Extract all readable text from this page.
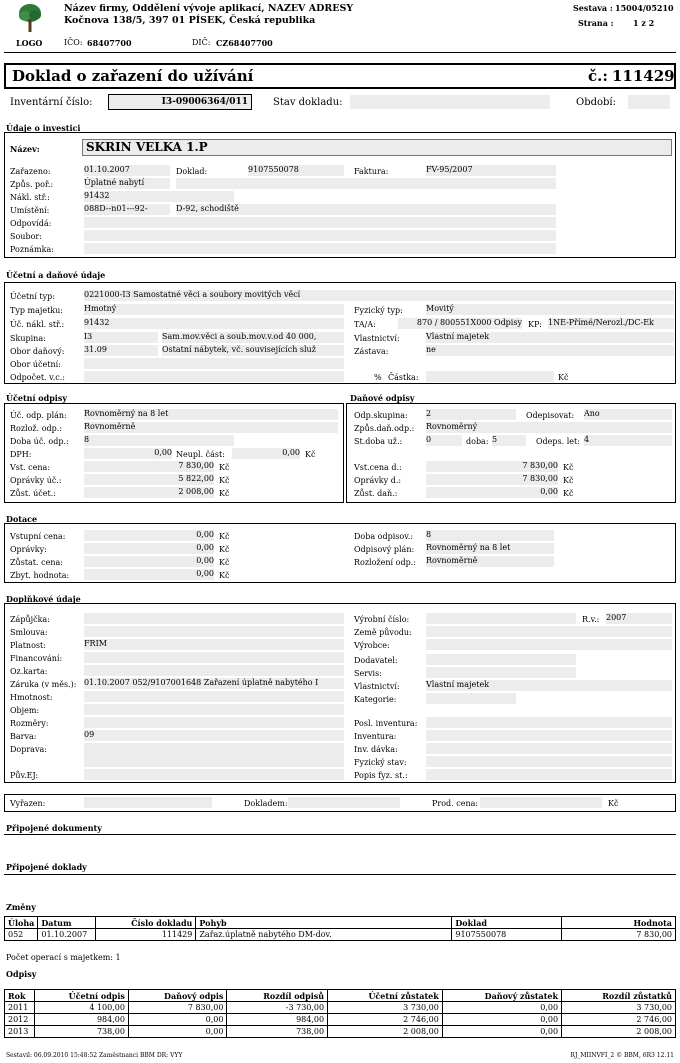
LOGO
Název firmy, Oddělení vývoje aplikací, NAZEV ADRESY
Kočnova 138/5, 397 01 PÍSEK, Česká republika
IČO: 68407700	DIČ: CZ68407700
Sestava : 15004/05210
Strana : 1 z 2
Doklad o zařazení do užívání	č.: 111429
Inventární číslo:	I3-09006364/011	Stav dokladu:	Období:
Údaje o investici
Název:	SKRIN VELKA 1.P
Zařazeno:	01.10.2007	Doklad:	9107550078	Faktura:	FV-95/2007
Způs. poř.:	Úplatné nabytí
Nákl. stř.:	91432
Umístění:	088D--n01---92-	D-92, schodiště
Odpovídá:
Soubor:
Poznámka:
Účetní a daňové údaje
Účetní typ:	0221000-I3 Samostatné věci a soubory movitých věcí
Typ majetku:	Hmotný	Fyzický typ:	Movitý
Úč. nákl. stř.: 91432	TA/A:	870 / 800551X000 Odpisy KP: 1NE-Přímé/Nerozl./DC-Ek
Skupina:	I3	Sam.mov.věci a soub.mov.v.od 40 000,	Vlastnictví:	Vlastní majetek
Obor daňový: 31.09	Ostatní nábytek, vč. souvisejících služ	Zástava:	ne
Obor účetní:
Odpočet. v.c.:	% Částka:	Kč
Účetní odpisy
Úč. odp. plán: Rovnoměrný na 8 let
Rozlož. odp.:	Rovnoměrně
Doba úč. odp.: 8
DPH:	0,00 Neupl. část:	0,00 Kč
Vst. cena:	7 830,00 Kč
Oprávky úč.:	5 822,00 Kč
Zůst. účet.:	2 008,00 Kč
Daňové odpisy
Odp.skupina: 2	Odepisovat: Ano
Způs.daň.odp.: Rovnoměrný
St.doba už.:	0	doba: 5	Odeps. let: 4
Vst.cena d.:	7 830,00 Kč
Oprávky d.:	7 830,00 Kč
Zůst. daň.:	0,00 Kč
Dotace
Vstupní cena:	0,00 Kč
Oprávky:	0,00 Kč
Zůstat. cena:	0,00 Kč
Zbyt. hodnota:	0,00 Kč
Doba odpisov.: 8
Odpisový plán: Rovnoměrný na 8 let
Rozložení odp.: Rovnoměrně
Doplňkové údaje
Zápůjčka:
Smlouva:
Platnost:	FRIM
Financování:
Oz.karta:
Záruka (v měs.): 01.10.2007 052/9107001648 Zařazení úplatně nabytého I
Hmotnost:
Objem:
Rozměry:
Barva:	09
Doprava:
Pův.EJ:
Výrobní číslo:	R.v.: 2007
Země původu:
Výrobce:
Dodavatel:
Servis:
Vlastnictví:	Vlastní majetek
Kategorie:
Posl. inventura:
Inventura:
Inv. dávka:
Fyzický stav:
Popis fyz. st.:
Vyřazen:	Dokladem:	Prod. cena:	Kč
Připojené dokumenty
Připojené doklady
Změny
Úloha	Datum	Číslo dokladu	Pohyb	Doklad	Hodnota
052	01.10.2007	111429	Zařaz.úplatně nabytého DM-dov.	9107550078	7 830,00
Počet operací s majetkem: 1
Odpisy
Rok	Účetní odpis	Daňový odpis	Rozdíl odpisů	Účetní zůstatek	Daňový zůstatek	Rozdíl zůstatků
2011	4 100,00	7 830,00	-3 730,00	3 730,00	0,00	3 730,00
2012	984,00	0,00	984,00	2 746,00	0,00	2 746,00
2013	738,00	0,00	738,00	2 008,00	0,00	2 008,00
Sestavil: 06.09.2010 15:48:52 Zaměstnanci BBM DR: VYY	RJ_MIINVFI_2 © BBM, 6R3 12.11
